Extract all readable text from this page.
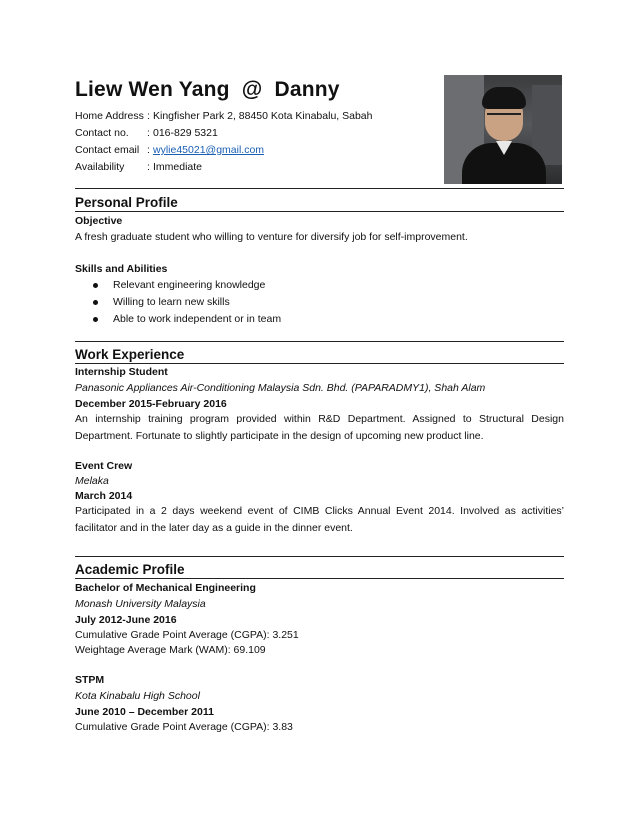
Liew Wen Yang  @  Danny
Home Address : Kingfisher Park 2, 88450 Kota Kinabalu, Sabah
Contact no.	: 016-829 5321
Contact email : wylie45021@gmail.com
Availability	: Immediate
Personal Profile
Objective
A fresh graduate student who willing to venture for diversify job for self-improvement.
Skills and Abilities
Relevant engineering knowledge
Willing to learn new skills
Able to work independent or in team
Work Experience
Internship Student
Panasonic Appliances Air-Conditioning Malaysia Sdn. Bhd. (PAPARADMY1), Shah Alam
December 2015-February 2016
An internship training program provided within R&D Department. Assigned to Structural Design Department. Fortunate to slightly participate in the design of upcoming new product line.
Event Crew
Melaka
March 2014
Participated in a 2 days weekend event of CIMB Clicks Annual Event 2014. Involved as activities’ facilitator and in the later day as a guide in the dinner event.
Academic Profile
Bachelor of Mechanical Engineering
Monash University Malaysia
July 2012-June 2016
Cumulative Grade Point Average (CGPA): 3.251
Weightage Average Mark (WAM): 69.109
STPM
Kota Kinabalu High School
June 2010 – December 2011
Cumulative Grade Point Average (CGPA): 3.83
